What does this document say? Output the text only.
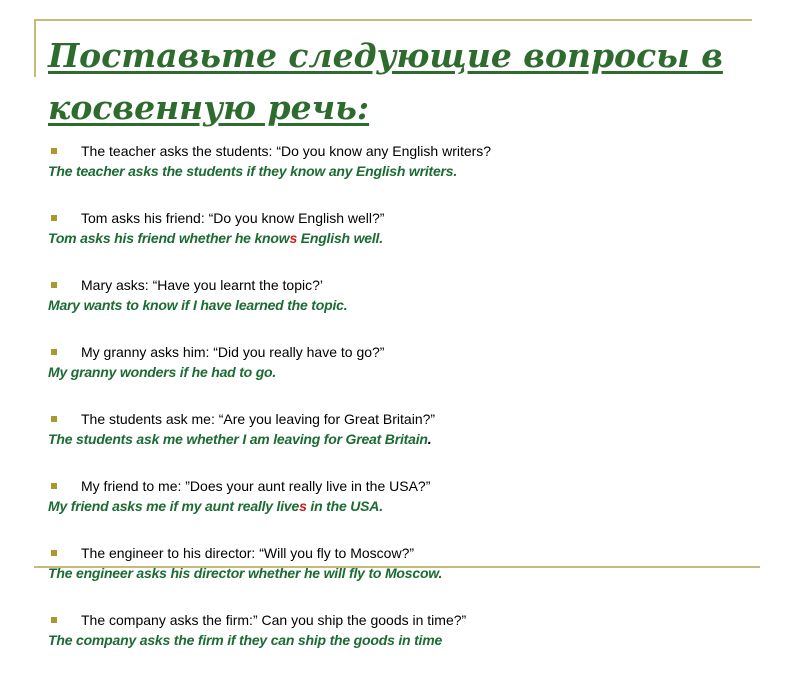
Поставьте следующие вопросы в косвенную речь:
The teacher asks the students: “Do you know any English writers?
The teacher asks the students if they know any English writers.
Tom asks his friend: “Do you know English well?”
Tom asks his friend whether he knows English well.
Mary asks: “Have you learnt the topic?’
Mary wants to know if I have learned the topic.
My granny asks him: “Did you really have to go?”
My granny wonders if he had to go.
The students ask me: “Are you leaving for Great Britain?”
The students ask me whether I am leaving for Great Britain.
My friend to me: ”Does your aunt really live in the USA?”
My friend asks me if my aunt really lives in the USA.
The engineer to his director: “Will you fly to Moscow?”
The engineer asks his director whether he will fly to Moscow.
The company asks the firm:” Can you ship the goods in time?”
The company asks the firm if they can ship the goods in time
